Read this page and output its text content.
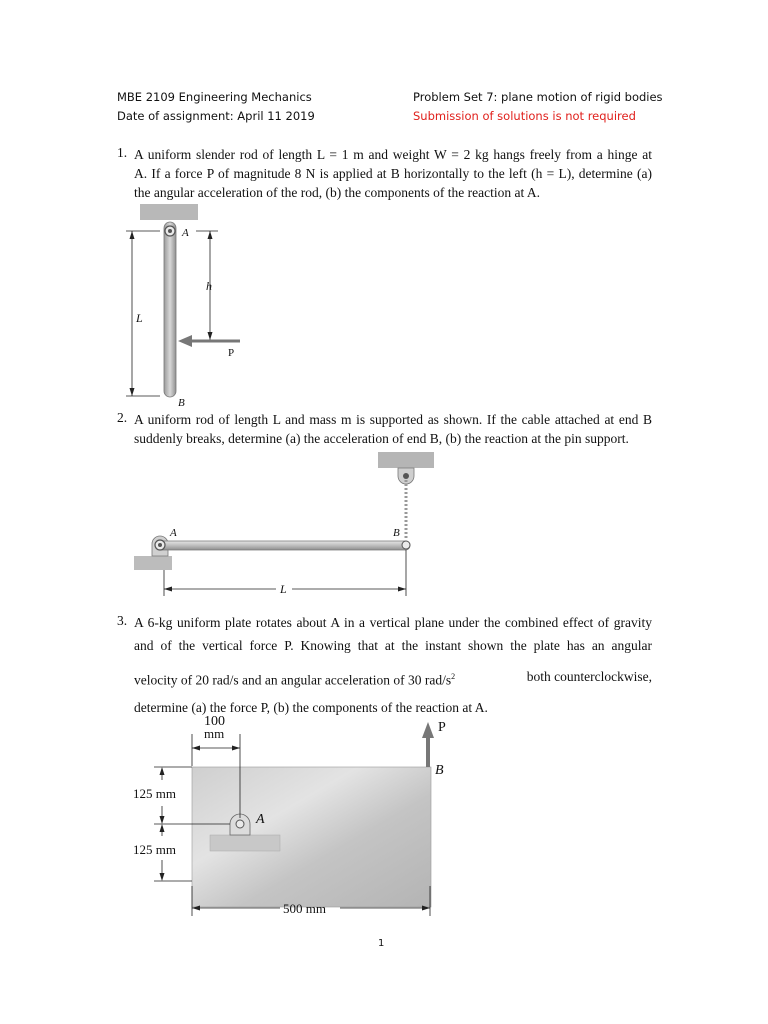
MBE 2109 Engineering Mechanics
Date of assignment: April 11 2019
Problem Set 7: plane motion of rigid bodies
Submission of solutions is not required
1. A uniform slender rod of length L = 1 m and weight W = 2 kg hangs freely from a hinge at

A. If a force P of magnitude 8 N is applied at B horizontally to the left (h = L), determine (a)

the angular acceleration of the rod, (b) the components of the reaction at A.

A
h
L
P
B
2. A uniform rod of length L and mass m is supported as shown. If the cable attached at end B

suddenly breaks, determine (a) the acceleration of end B, (b) the reaction at the pin support.

A	B
L
3. A 6-kg uniform plate rotates about A in a vertical plane under the combined effect of gravity

and of the vertical force P. Knowing that at the instant shown the plate has an angular

velocity of 20 rad/s and an angular acceleration of 30 rad/$s^2$	both counterclockwise,

determine (a) the force P, (b) the components of the reaction at A.

100
mm	P
B
A
125 mm
125 mm
500 mm
1
